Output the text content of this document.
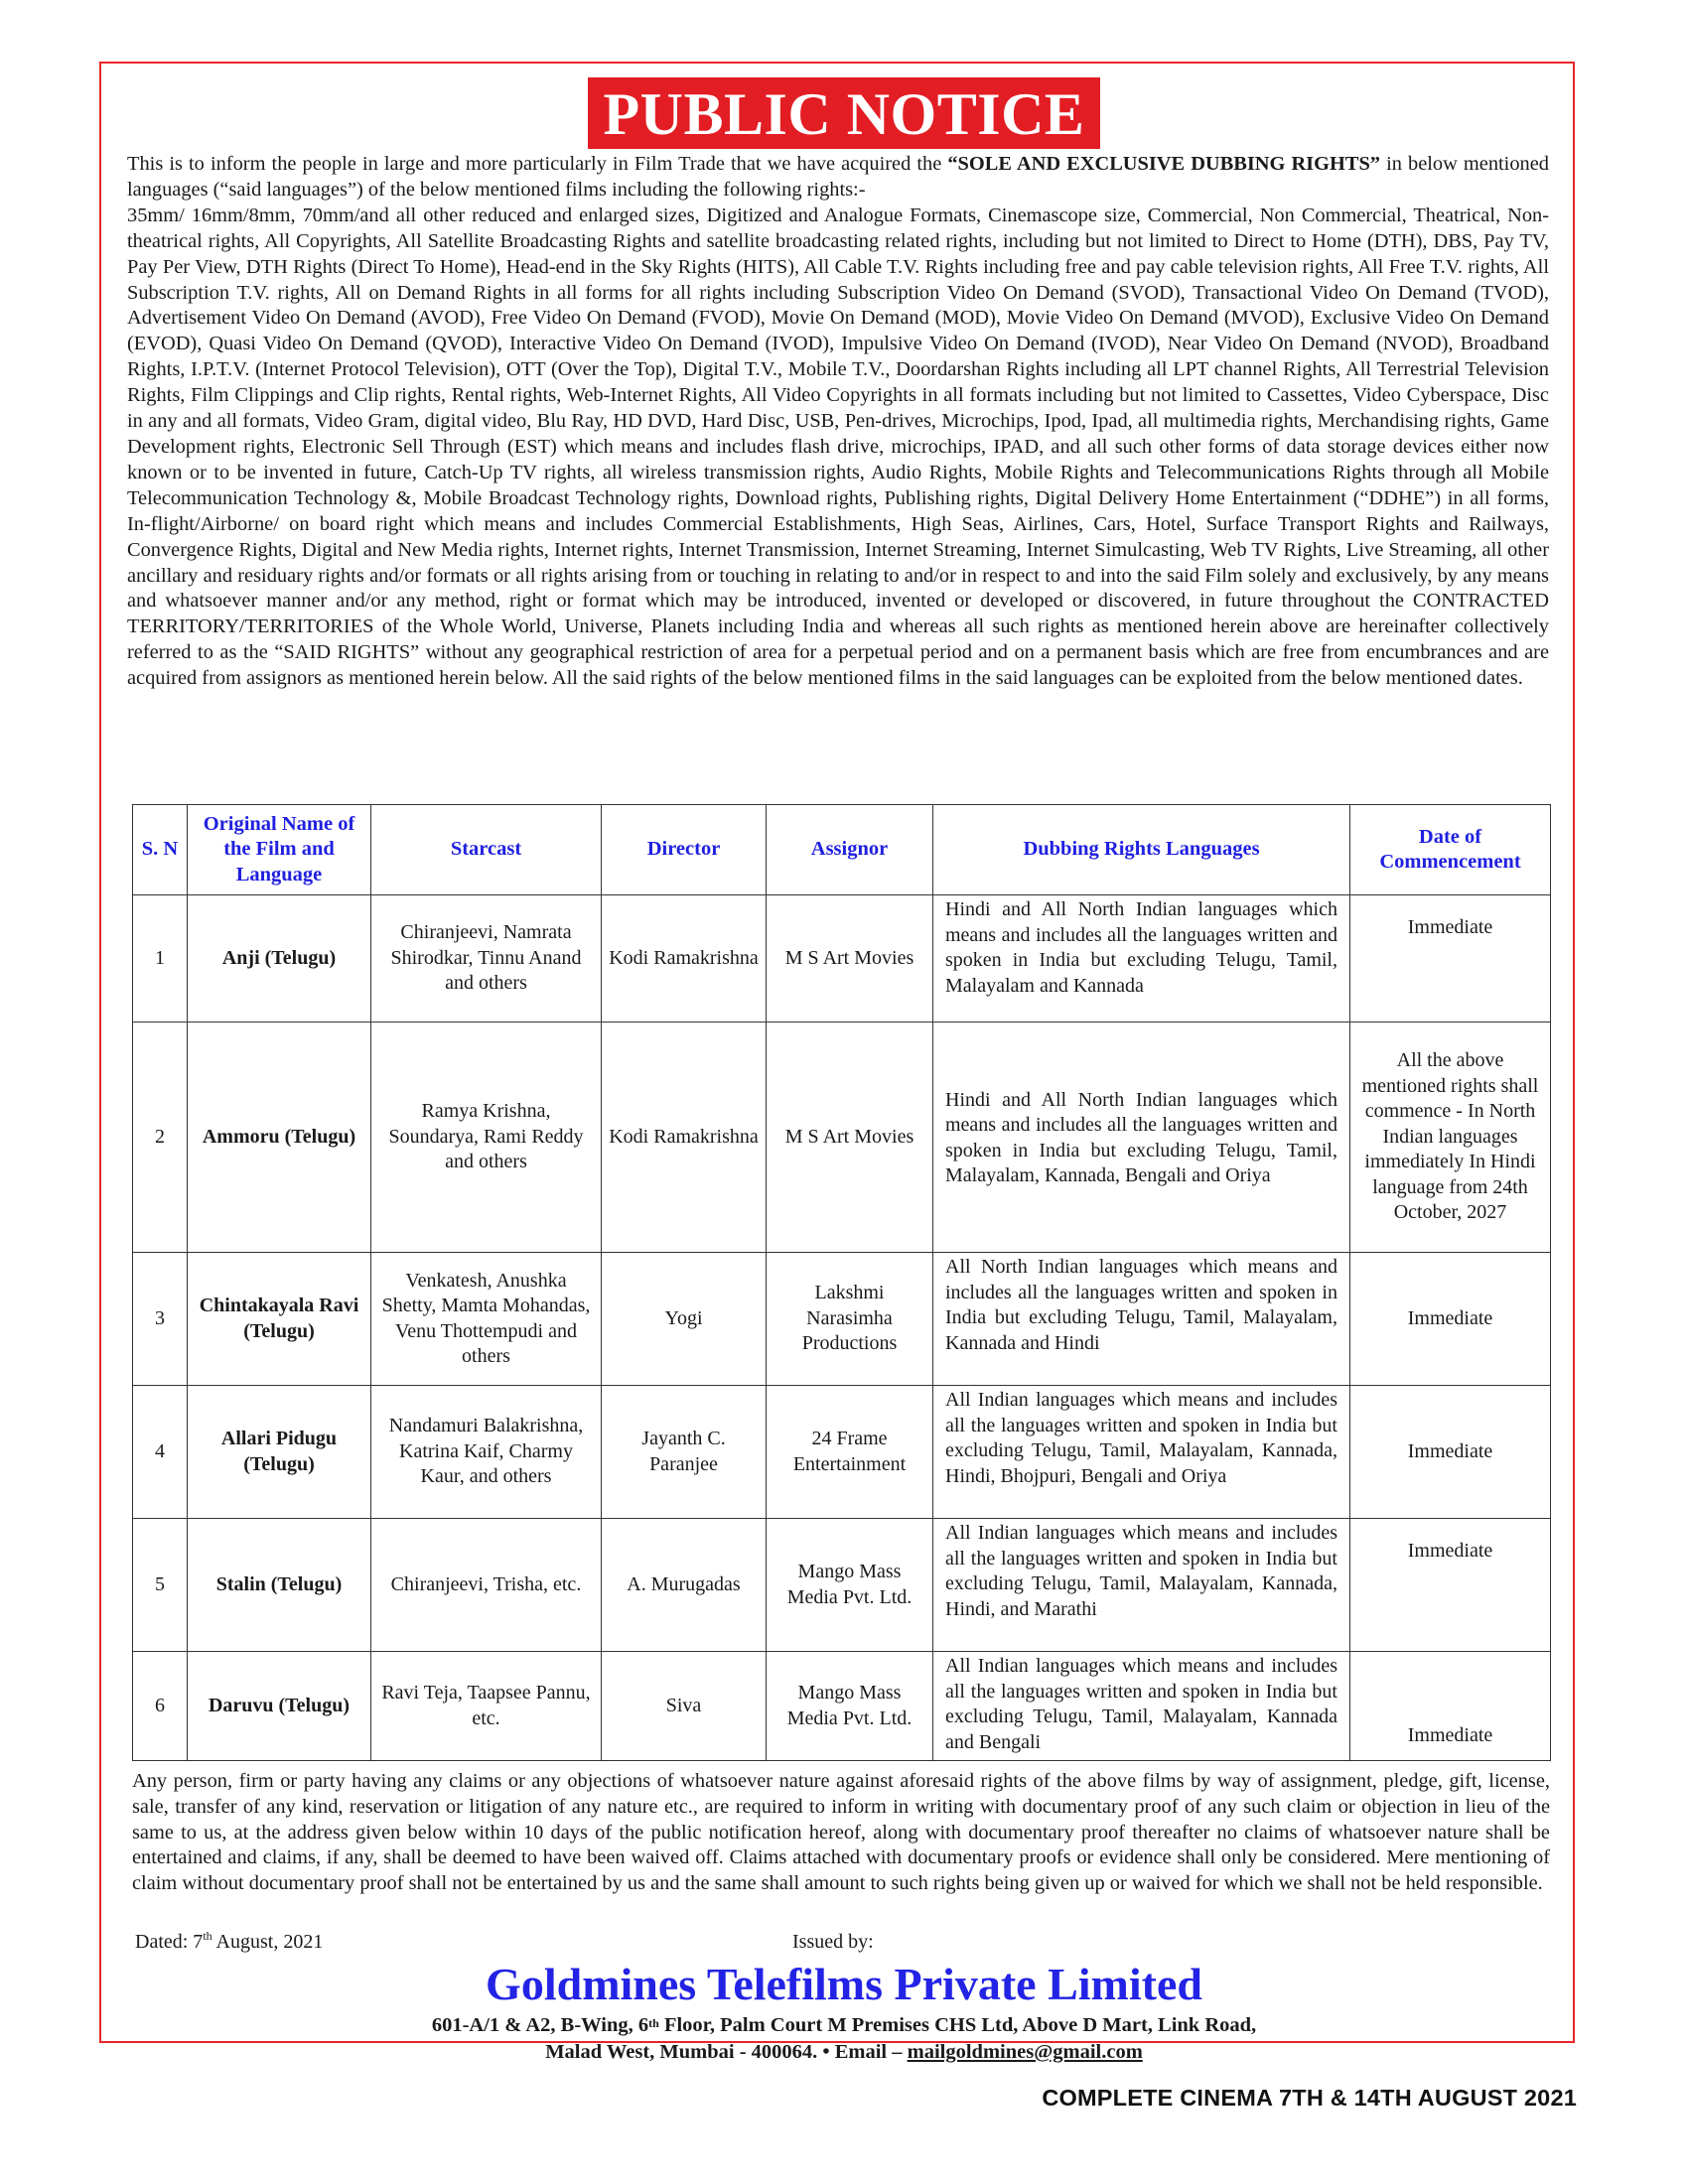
PUBLIC NOTICE

This is to inform the people in large and more particularly in Film Trade that we have acquired the “SOLE AND EXCLUSIVE DUBBING RIGHTS” in below mentioned languages (“said languages”) of the below mentioned films including the following rights:-

35mm/ 16mm/8mm, 70mm/and all other reduced and enlarged sizes, Digitized and Analogue Formats, Cinemascope size, Commercial, Non Commercial, Theatrical, Non-theatrical rights, All Copyrights, All Satellite Broadcasting Rights and satellite broadcasting related rights, including but not limited to Direct to Home (DTH), DBS, Pay TV, Pay Per View, DTH Rights (Direct To Home), Head-end in the Sky Rights (HITS), All Cable T.V. Rights including free and pay cable television rights, All Free T.V. rights, All Subscription T.V. rights, All on Demand Rights in all forms for all rights including Subscription Video On Demand (SVOD), Transactional Video On Demand (TVOD), Advertisement Video On Demand (AVOD), Free Video On Demand (FVOD), Movie On Demand (MOD), Movie Video On Demand (MVOD), Exclusive Video On Demand (EVOD), Quasi Video On Demand (QVOD), Interactive Video On Demand (IVOD), Impulsive Video On Demand (IVOD), Near Video On Demand (NVOD), Broadband Rights, I.P.T.V. (Internet Protocol Television), OTT (Over the Top), Digital T.V., Mobile T.V., Doordarshan Rights including all LPT channel Rights, All Terrestrial Television Rights, Film Clippings and Clip rights, Rental rights, Web-Internet Rights, All Video Copyrights in all formats including but not limited to Cassettes, Video Cyberspace, Disc in any and all formats, Video Gram, digital video, Blu Ray, HD DVD, Hard Disc, USB, Pen-drives, Microchips, Ipod, Ipad, all multimedia rights, Merchandising rights, Game Development rights, Electronic Sell Through (EST) which means and includes flash drive, microchips, IPAD, and all such other forms of data storage devices either now known or to be invented in future, Catch-Up TV rights, all wireless transmission rights, Audio Rights, Mobile Rights and Telecommunications Rights through all Mobile Telecommunication Technology &, Mobile Broadcast Technology rights, Download rights, Publishing rights, Digital Delivery Home Entertainment (“DDHE”) in all forms, In-flight/Airborne/ on board right which means and includes Commercial Establishments, High Seas, Airlines, Cars, Hotel, Surface Transport Rights and Railways, Convergence Rights, Digital and New Media rights, Internet rights, Internet Transmission, Internet Streaming, Internet Simulcasting, Web TV Rights, Live Streaming, all other ancillary and residuary rights and/or formats or all rights arising from or touching in relating to and/or in respect to and into the said Film solely and exclusively, by any means and whatsoever manner and/or any method, right or format which may be introduced, invented or developed or discovered, in future throughout the CONTRACTED TERRITORY/TERRITORIES of the Whole World, Universe, Planets including India and whereas all such rights as mentioned herein above are hereinafter collectively referred to as the “SAID RIGHTS” without any geographical restriction of area for a perpetual period and on a permanent basis which are free from encumbrances and are acquired from assignors as mentioned herein below. All the said rights of the below mentioned films in the said languages can be exploited from the below mentioned dates.

S. N	Original Name of the Film and Language	Starcast	Director	Assignor	Dubbing Rights Languages	Date of Commencement
1	Anji (Telugu)	Chiranjeevi, Namrata Shirodkar, Tinnu Anand and others	Kodi Ramakrishna	M S Art Movies	Hindi and All North Indian languages which means and includes all the languages written and spoken in India but excluding Telugu, Tamil, Malayalam and Kannada	Immediate
2	Ammoru (Telugu)	Ramya Krishna, Soundarya, Rami Reddy and others	Kodi Ramakrishna	M S Art Movies	Hindi and All North Indian languages which means and includes all the languages written and spoken in India but excluding Telugu, Tamil, Malayalam, Kannada, Bengali and Oriya	All the above mentioned rights shall commence - In North Indian languages immediately In Hindi language from 24th October, 2027
3	Chintakayala Ravi (Telugu)	Venkatesh, Anushka Shetty, Mamta Mohandas, Venu Thottempudi and others	Yogi	Lakshmi Narasimha Productions	All North Indian languages which means and includes all the languages written and spoken in India but excluding Telugu, Tamil, Malayalam, Kannada and Hindi	Immediate
4	Allari Pidugu (Telugu)	Nandamuri Balakrishna, Katrina Kaif, Charmy Kaur, and others	Jayanth C. Paranjee	24 Frame Entertainment	All Indian languages which means and includes all the languages written and spoken in India but excluding Telugu, Tamil, Malayalam, Kannada, Hindi, Bhojpuri, Bengali and Oriya	Immediate
5	Stalin (Telugu)	Chiranjeevi, Trisha, etc.	A. Murugadas	Mango Mass Media Pvt. Ltd.	All Indian languages which means and includes all the languages written and spoken in India but excluding Telugu, Tamil, Malayalam, Kannada, Hindi, and Marathi	Immediate
6	Daruvu (Telugu)	Ravi Teja, Taapsee Pannu, etc.	Siva	Mango Mass Media Pvt. Ltd.	All Indian languages which means and includes all the languages written and spoken in India but excluding Telugu, Tamil, Malayalam, Kannada and Bengali	Immediate

Any person, firm or party having any claims or any objections of whatsoever nature against aforesaid rights of the above films by way of assignment, pledge, gift, license, sale, transfer of any kind, reservation or litigation of any nature etc., are required to inform in writing with documentary proof of any such claim or objection in lieu of the same to us, at the address given below within 10 days of the public notification hereof, along with documentary proof thereafter no claims of whatsoever nature shall be entertained and claims, if any, shall be deemed to have been waived off. Claims attached with documentary proofs or evidence shall only be considered. Mere mentioning of claim without documentary proof shall not be entertained by us and the same shall amount to such rights being given up or waived for which we shall not be held responsible.

Dated: 7th August, 2021	Issued by:
Goldmines Telefilms Private Limited
601-A/1 & A2, B-Wing, 6th Floor, Palm Court M Premises CHS Ltd, Above D Mart, Link Road,
Malad West, Mumbai - 400064. • Email – mailgoldmines@gmail.com
COMPLETE CINEMA 7TH & 14TH AUGUST 2021
